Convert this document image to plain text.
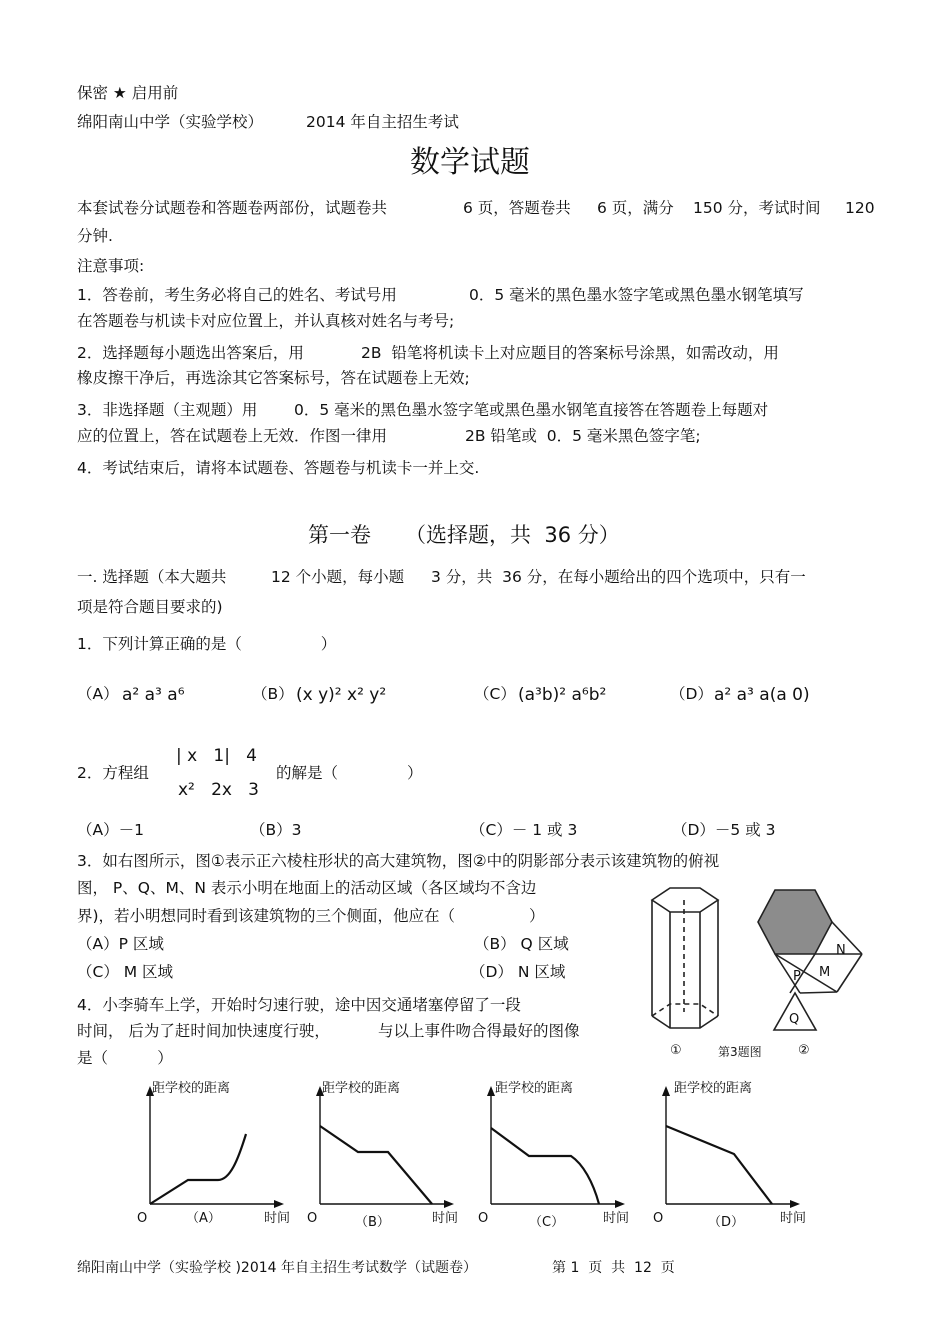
保密 ★ 启用前
绵阳南山中学（实验学校）	2014 年自主招生考试
数学试题
本套试卷分试题卷和答题卷两部份，试题卷共	6 页，答题卷共 6 页，满分 150 分，考试时间 120
分钟.
注意事项:
1．答卷前，考生务必将自己的姓名、考试号用	0．5 毫米的黑色墨水签字笔或黑色墨水钢笔填写
在答题卷与机读卡对应位置上，并认真核对姓名与考号;
2．选择题每小题选出答案后，用	2B  铅笔将机读卡上对应题目的答案标号涂黑，如需改动，用
橡皮擦干净后，再选涂其它答案标号，答在试题卷上无效;
3．非选择题（主观题）用 0．5 毫米的黑色墨水签字笔或黑色墨水钢笔直接答在答题卷上每题对
应的位置上，答在试题卷上无效．作图一律用	2B 铅笔或  0．5 毫米黑色签字笔;
4．考试结束后，请将本试题卷、答题卷与机读卡一并上交.
第一卷 （选择题，共  36 分）
一. 选择题（本大题共	12 个小题，每小题 3 分，共  36 分，在每小题给出的四个选项中，只有一
项是符合题目要求的)
1．下列计算正确的是（                ）
（A） a² a³ a⁶	（B） (x y)² x² y²	（C） (a³b)² a⁶b²	（D） a² a³ a(a 0)
2．方程组
| x   1|   4
x²   2x   3
的解是（              ）
（A）－1	（B）3	（C）－ 1 或 3	（D）－5 或 3
3．如右图所示，图①表示正六棱柱形状的高大建筑物，图②中的阴影部分表示该建筑物的俯视
图， P、Q、M、N 表示小明在地面上的活动区域（各区域均不含边
界)，若小明想同时看到该建筑物的三个侧面，他应在（               ）
（A）P 区域	（B） Q 区域
（C） M 区域	（D） N 区域
N
P M
Q
①	第3题图	②
4．小李骑车上学，开始时匀速行驶，途中因交通堵塞停留了一段
时间， 后为了赶时间加快速度行驶，	与以上事件吻合得最好的图像
是（          ）
距学校的距离
O	时间
（A）
距学校的距离
O	时间
（B）
距学校的距离
O	时间
（C）
距学校的距离
O	时间
（D）
绵阳南山中学（实验学校 )2014 年自主招生考试数学（试题卷）	第 1  页  共  12  页
